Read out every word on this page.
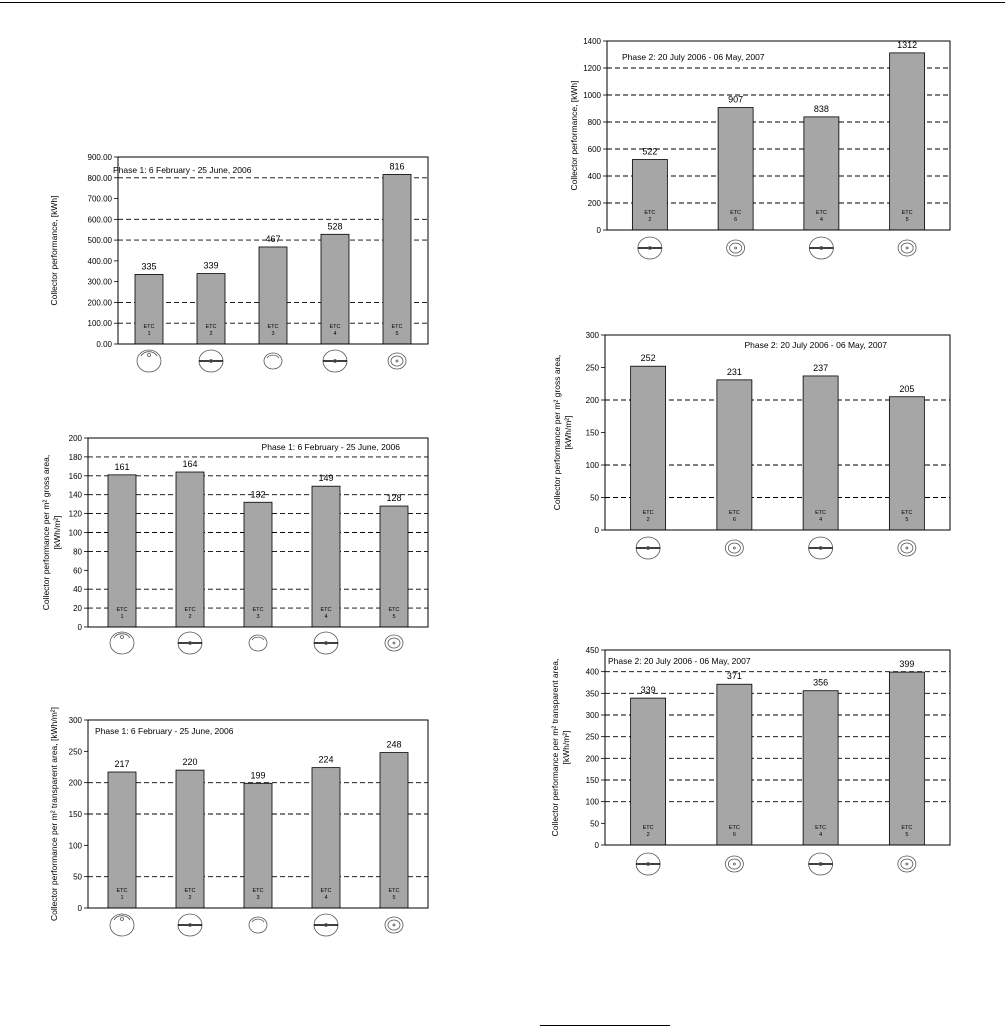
335
ETC
1
339
ETC
2
467
ETC
3
528
ETC
4
816
ETC
5
0.00
100.00
200.00
300.00
400.00
500.00
600.00
700.00
800.00
900.00
Phase 1: 6 February - 25 June, 2006
Collector performance, [kWh]
161
ETC
1
164
ETC
2
132
ETC
3
149
ETC
4
128
ETC
5
0
20
40
60
80
100
120
140
160
180
200
Phase 1: 6 February - 25 June, 2006
Collector performance per m² gross area, [kWh/m²]
217
ETC
1
220
ETC
2
199
ETC
3
224
ETC
4
248
ETC
5
0
50
100
150
200
250
300
Phase 1: 6 February - 25 June, 2006
Collector performance per m² transparent area, [kWh/m²]
522
ETC
2
907
ETC
6
838
ETC
4
1312
ETC
5
0
200
400
600
800
1000
1200
1400
Phase 2: 20 July 2006 - 06 May, 2007
Collector performance, [kWh]
252
ETC
2
231
ETC
6
237
ETC
4
205
ETC
5
0
50
100
150
200
250
300
Phase 2: 20 July 2006 - 06 May, 2007
Collector performance per m² gross area, [kWh/m²]
339
ETC
2
371
ETC
6
356
ETC
4
399
ETC
5
0
50
100
150
200
250
300
350
400
450
Phase 2: 20 July 2006 - 06 May, 2007
Collector performance per m² transparent area, [kWh/m²]
